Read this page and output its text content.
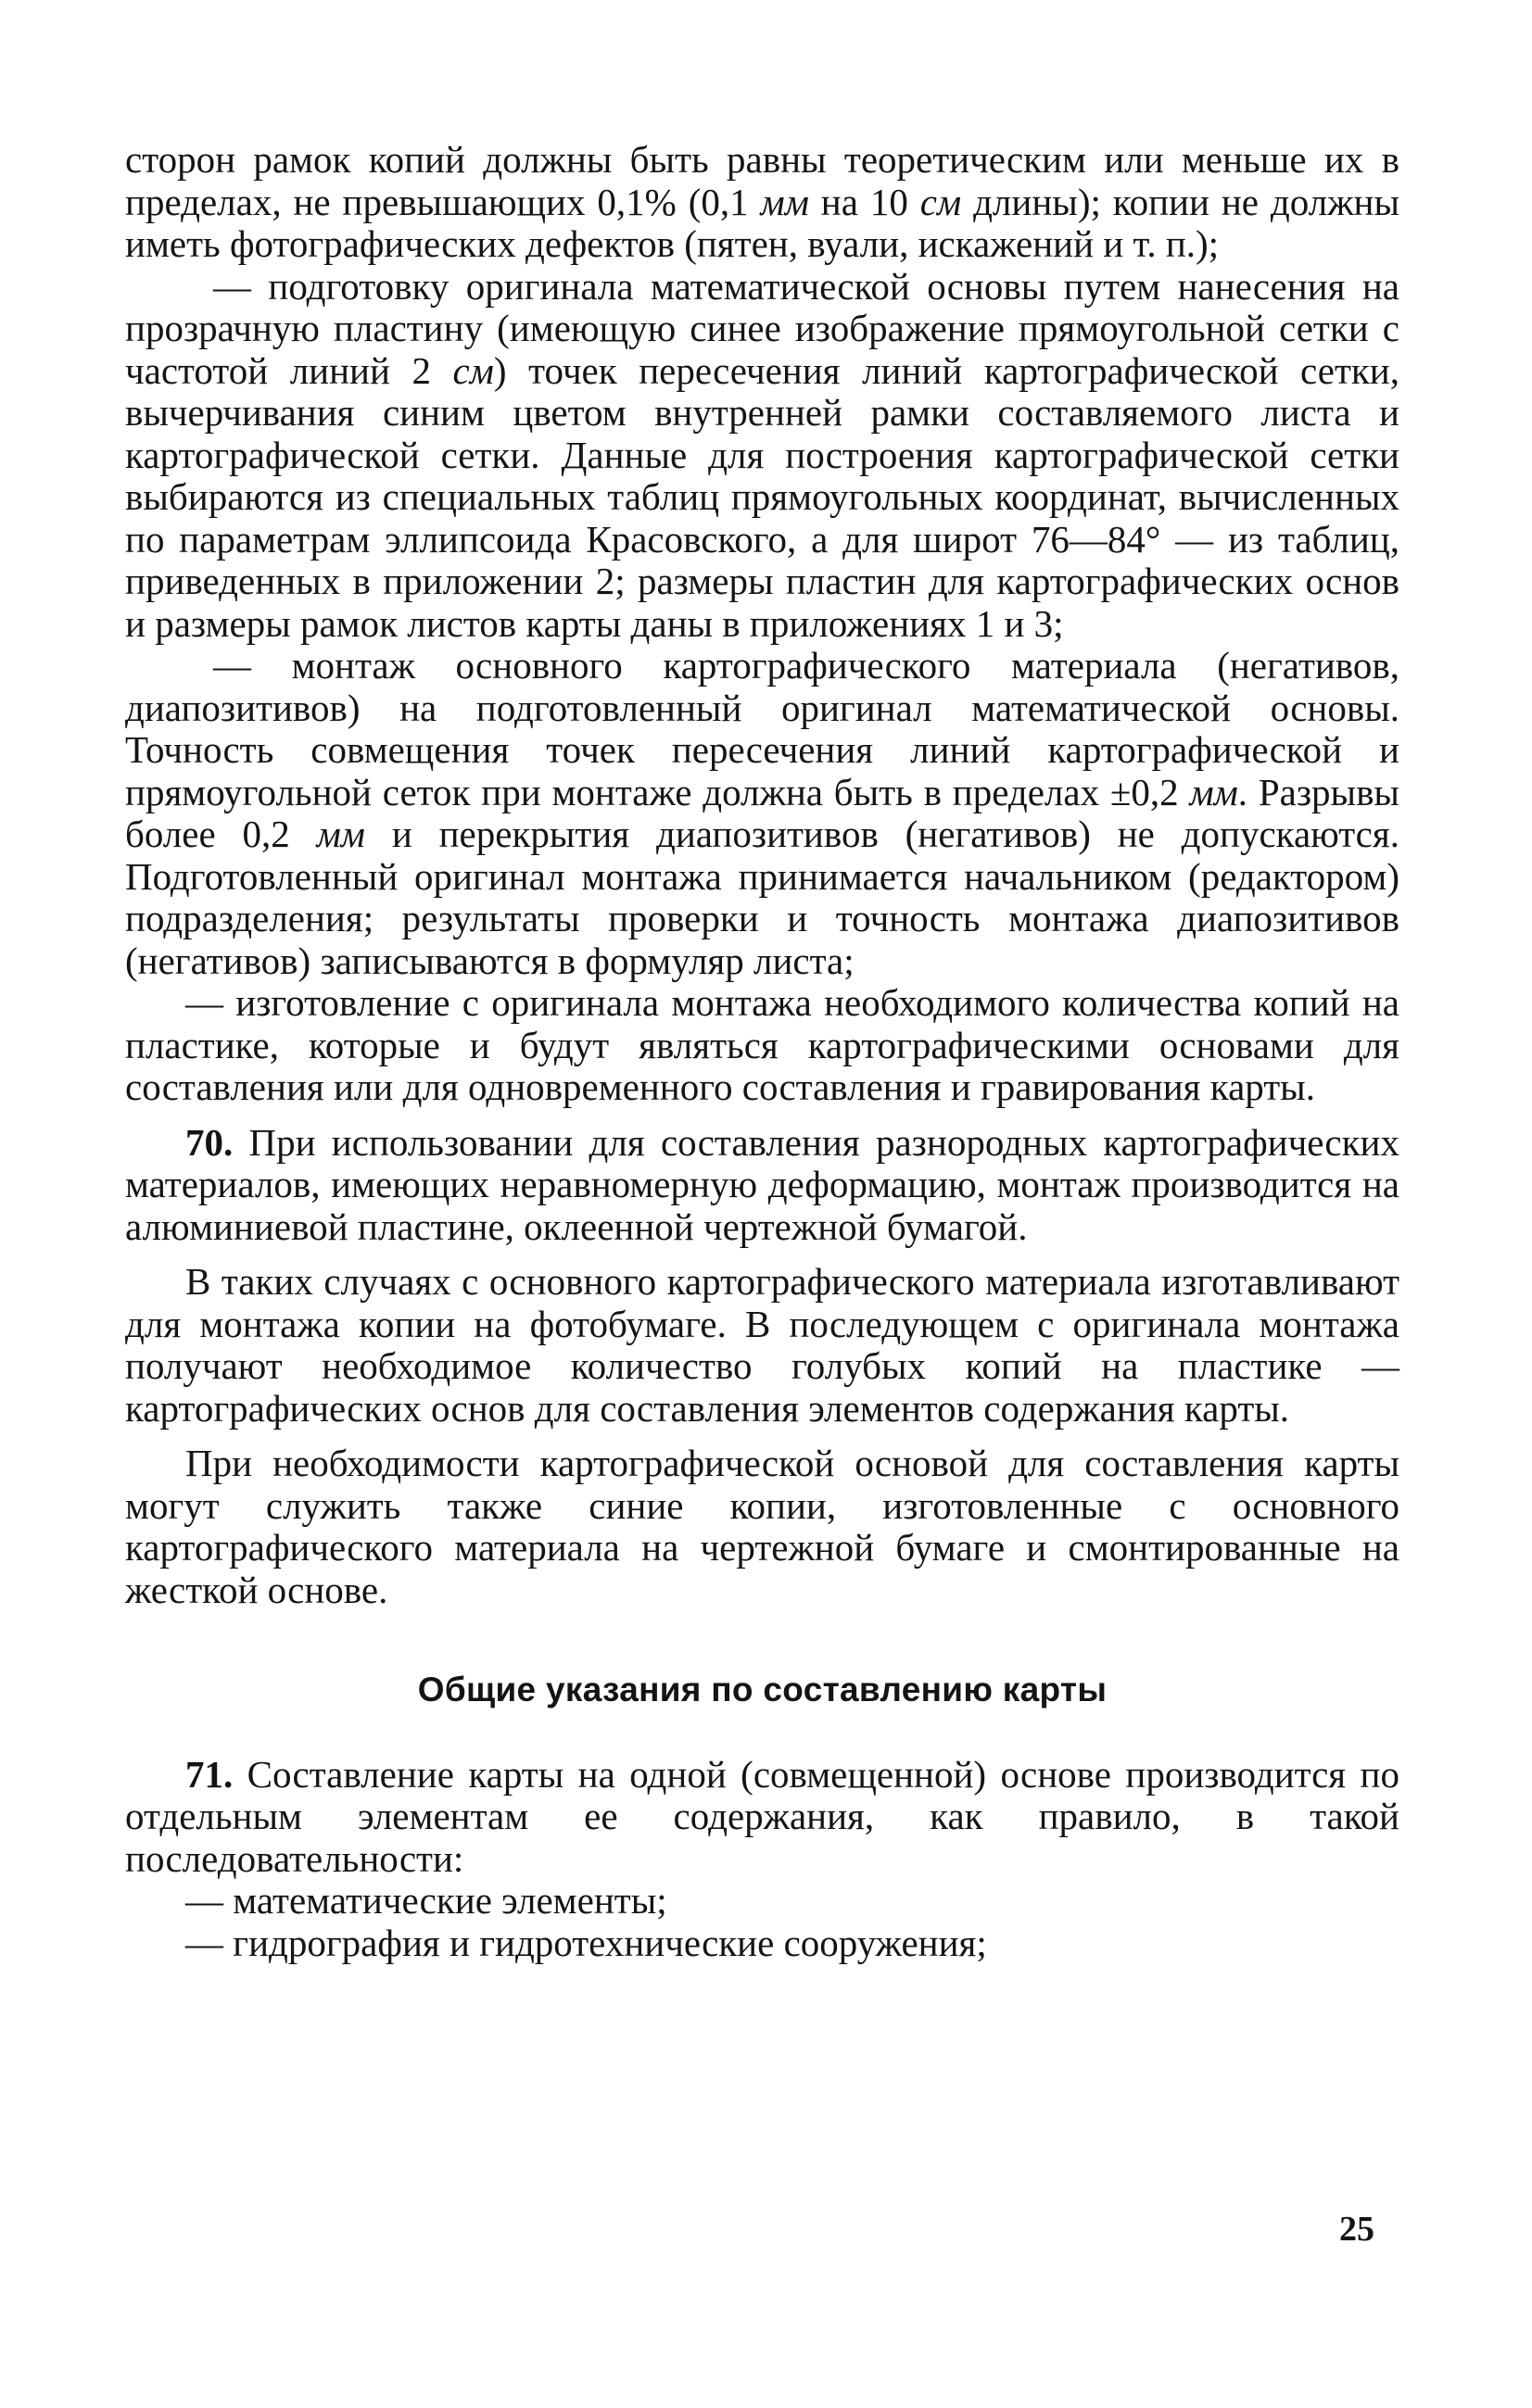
сторон рамок копий должны быть равны теоретическим или меньше их в пределах, не превышающих 0,1% (0,1 мм на 10 см длины); копии не должны иметь фотографических дефектов (пятен, вуали, искажений и т. п.);

— подготовку оригинала математической основы путем нанесения на прозрачную пластину (имеющую синее изображение прямоугольной сетки с частотой линий 2 см) точек пересечения линий картографической сетки, вычерчивания синим цветом внутренней рамки составляемого листа и картографической сетки. Данные для построения картографической сетки выбираются из специальных таблиц прямоугольных координат, вычисленных по параметрам эллипсоида Красовского, а для широт 76—84° — из таблиц, приведенных в приложении 2; размеры пластин для картографических основ и размеры рамок листов карты даны в приложениях 1 и 3;

— монтаж основного картографического материала (негативов, диапозитивов) на подготовленный оригинал математической основы. Точность совмещения точек пересечения линий картографической и прямоугольной сеток при монтаже должна быть в пределах ±0,2 мм. Разрывы более 0,2 мм и перекрытия диапозитивов (негативов) не допускаются. Подготовленный оригинал монтажа принимается начальником (редактором) подразделения; результаты проверки и точность монтажа диапозитивов (негативов) записываются в формуляр листа;

— изготовление с оригинала монтажа необходимого количества копий на пластике, которые и будут являться картографическими основами для составления или для одновременного составления и гравирования карты.

70. При использовании для составления разнородных картографических материалов, имеющих неравномерную деформацию, монтаж производится на алюминиевой пластине, оклеенной чертежной бумагой.

В таких случаях с основного картографического материала изготавливают для монтажа копии на фотобумаге. В последующем с оригинала монтажа получают необходимое количество голубых копий на пластике — картографических основ для составления элементов содержания карты.

При необходимости картографической основой для составления карты могут служить также синие копии, изготовленные с основного картографического материала на чертежной бумаге и смонтированные на жесткой основе.

Общие указания по составлению карты

71. Составление карты на одной (совмещенной) основе производится по отдельным элементам ее содержания, как правило, в такой последовательности:

— математические элементы;

— гидрография и гидротехнические сооружения;

25
